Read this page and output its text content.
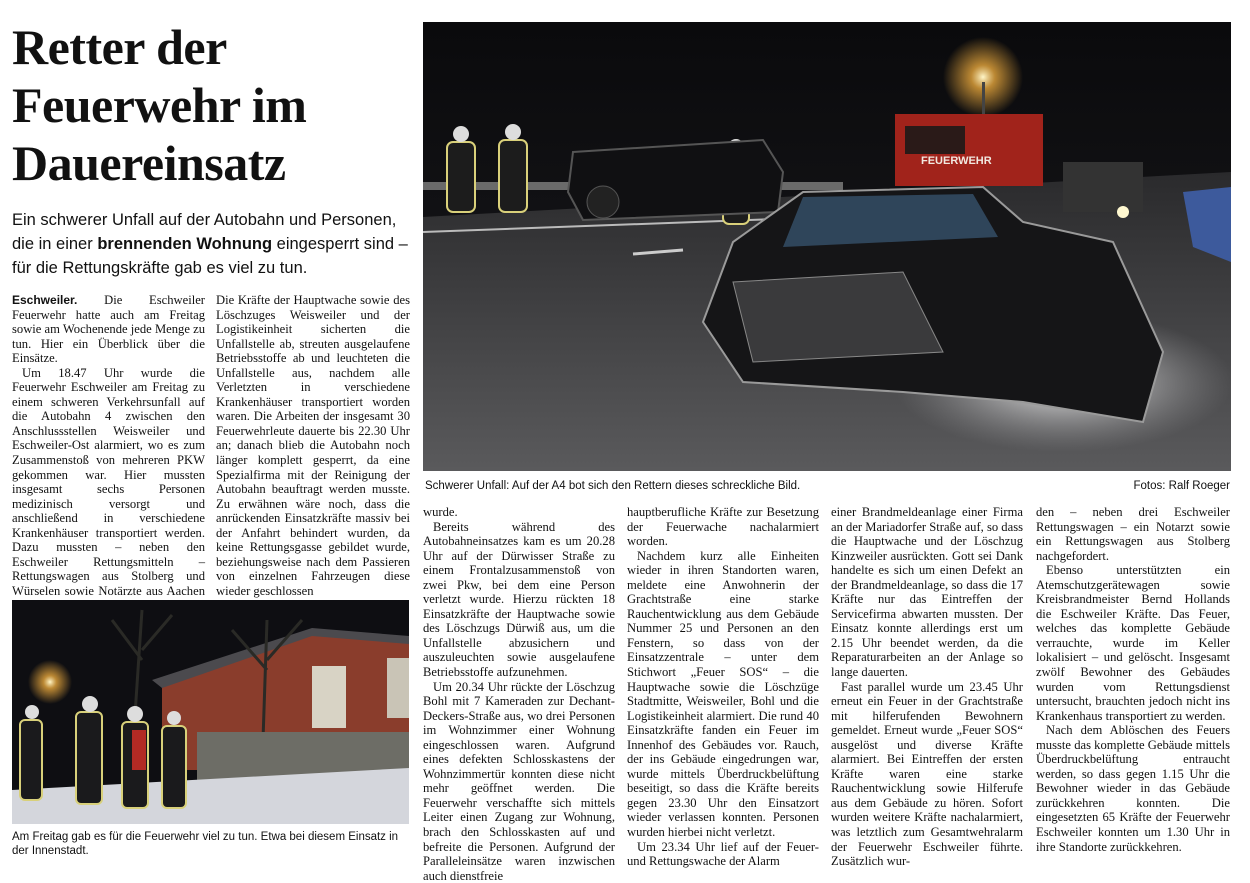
Retter der Feuerwehr im Dauereinsatz

Ein schwerer Unfall auf der Autobahn und Personen, die in einer brennenden Wohnung eingesperrt sind – für die Rettungskräfte gab es viel zu tun.

Eschweiler. Die Eschweiler Feuerwehr hatte auch am Freitag sowie am Wochenende jede Menge zu tun. Hier ein Überblick über die Einsätze.

Um 18.47 Uhr wurde die Feuerwehr Eschweiler am Freitag zu einem schweren Verkehrsunfall auf die Autobahn 4 zwischen den Anschlussstellen Weisweiler und Eschweiler-Ost alarmiert, wo es zum Zusammenstoß von mehreren PKW gekommen war. Hier mussten insgesamt sechs Personen medizinisch versorgt und anschließend in verschiedene Krankenhäuser transportiert werden. Dazu mussten – neben den Eschweiler Rettungsmitteln – Rettungswagen aus Stolberg und Würselen sowie Notärzte aus Aachen

Die Kräfte der Hauptwache sowie des Löschzuges Weisweiler und der Logistikeinheit sicherten die Unfallstelle ab, streuten ausgelaufene Betriebsstoffe ab und leuchteten die Unfallstelle aus, nachdem alle Verletzten in verschiedene Krankenhäuser transportiert worden waren. Die Arbeiten der insgesamt 30 Feuerwehrleute dauerte bis 22.30 Uhr an; danach blieb die Autobahn noch länger komplett gesperrt, da eine Spezialfirma mit der Reinigung der Autobahn beauftragt werden musste. Zu erwähnen wäre noch, dass die anrückenden Einsatzkräfte massiv bei der Anfahrt behindert wurden, da keine Rettungsgasse gebildet wurde, beziehungsweise nach dem Passieren von einzelnen Fahrzeugen diese wieder geschlossen

FEUERWEHR
Schwerer Unfall: Auf der A4 bot sich den Rettern dieses schreckliche Bild.	Fotos: Ralf Roeger
Am Freitag gab es für die Feuerwehr viel zu tun. Etwa bei diesem Einsatz in der Innenstadt.

wurde.

Bereits während des Autobahneinsatzes kam es um 20.28 Uhr auf der Dürwisser Straße zu einem Frontalzusammenstoß von zwei Pkw, bei dem eine Person verletzt wurde. Hierzu rückten 18 Einsatzkräfte der Hauptwache sowie des Löschzugs Dürwiß aus, um die Unfallstelle abzusichern und auszuleuchten sowie ausgelaufene Betriebsstoffe aufzunehmen.

Um 20.34 Uhr rückte der Löschzug Bohl mit 7 Kameraden zur Dechant-Deckers-Straße aus, wo drei Personen im Wohnzimmer einer Wohnung eingeschlossen waren. Aufgrund eines defekten Schlosskastens der Wohnzimmertür konnten diese nicht mehr geöffnet werden. Die Feuerwehr verschaffte sich mittels Leiter einen Zugang zur Wohnung, brach den Schlosskasten auf und befreite die Personen. Aufgrund der Paralleleinsätze waren inzwischen auch dienstfreie

hauptberufliche Kräfte zur Besetzung der Feuerwache nachalarmiert worden.

Nachdem kurz alle Einheiten wieder in ihren Standorten waren, meldete eine Anwohnerin der Grachtstraße eine starke Rauchentwicklung aus dem Gebäude Nummer 25 und Personen an den Fenstern, so dass von der Einsatzzentrale – unter dem Stichwort „Feuer SOS“ – die Hauptwache sowie die Löschzüge Stadtmitte, Weisweiler, Bohl und die Logistikeinheit alarmiert. Die rund 40 Einsatzkräfte fanden ein Feuer im Innenhof des Gebäudes vor. Rauch, der ins Gebäude eingedrungen war, wurde mittels Überdruckbelüftung beseitigt, so dass die Kräfte bereits gegen 23.30 Uhr den Einsatzort wieder verlassen konnten. Personen wurden hierbei nicht verletzt.

Um 23.34 Uhr lief auf der Feuer- und Rettungswache der Alarm

einer Brandmeldeanlage einer Firma an der Mariadorfer Straße auf, so dass die Hauptwache und der Löschzug Kinzweiler ausrückten. Gott sei Dank handelte es sich um einen Defekt an der Brandmeldeanlage, so dass die 17 Kräfte nur das Eintreffen der Servicefirma abwarten mussten. Der Einsatz konnte allerdings erst um 2.15 Uhr beendet werden, da die Reparaturarbeiten an der Anlage so lange dauerten.

Fast parallel wurde um 23.45 Uhr erneut ein Feuer in der Grachtstraße mit hilferufenden Bewohnern gemeldet. Erneut wurde „Feuer SOS“ ausgelöst und diverse Kräfte alarmiert. Bei Eintreffen der ersten Kräfte waren eine starke Rauchentwicklung sowie Hilferufe aus dem Gebäude zu hören. Sofort wurden weitere Kräfte nachalarmiert, was letztlich zum Gesamtwehralarm der Feuerwehr Eschweiler führte. Zusätzlich wur-

den – neben drei Eschweiler Rettungswagen – ein Notarzt sowie ein Rettungswagen aus Stolberg nachgefordert.

Ebenso unterstützten ein Atemschutzgerätewagen sowie Kreisbrandmeister Bernd Hollands die Eschweiler Kräfte. Das Feuer, welches das komplette Gebäude verrauchte, wurde im Keller lokalisiert – und gelöscht. Insgesamt zwölf Bewohner des Gebäudes wurden vom Rettungsdienst untersucht, brauchten jedoch nicht ins Krankenhaus transportiert zu werden.

Nach dem Ablöschen des Feuers musste das komplette Gebäude mittels Überdruckbelüftung entraucht werden, so dass gegen 1.15 Uhr die Bewohner wieder in das Gebäude zurückkehren konnten. Die eingesetzten 65 Kräfte der Feuerwehr Eschweiler konnten um 1.30 Uhr in ihre Standorte zurückkehren.
